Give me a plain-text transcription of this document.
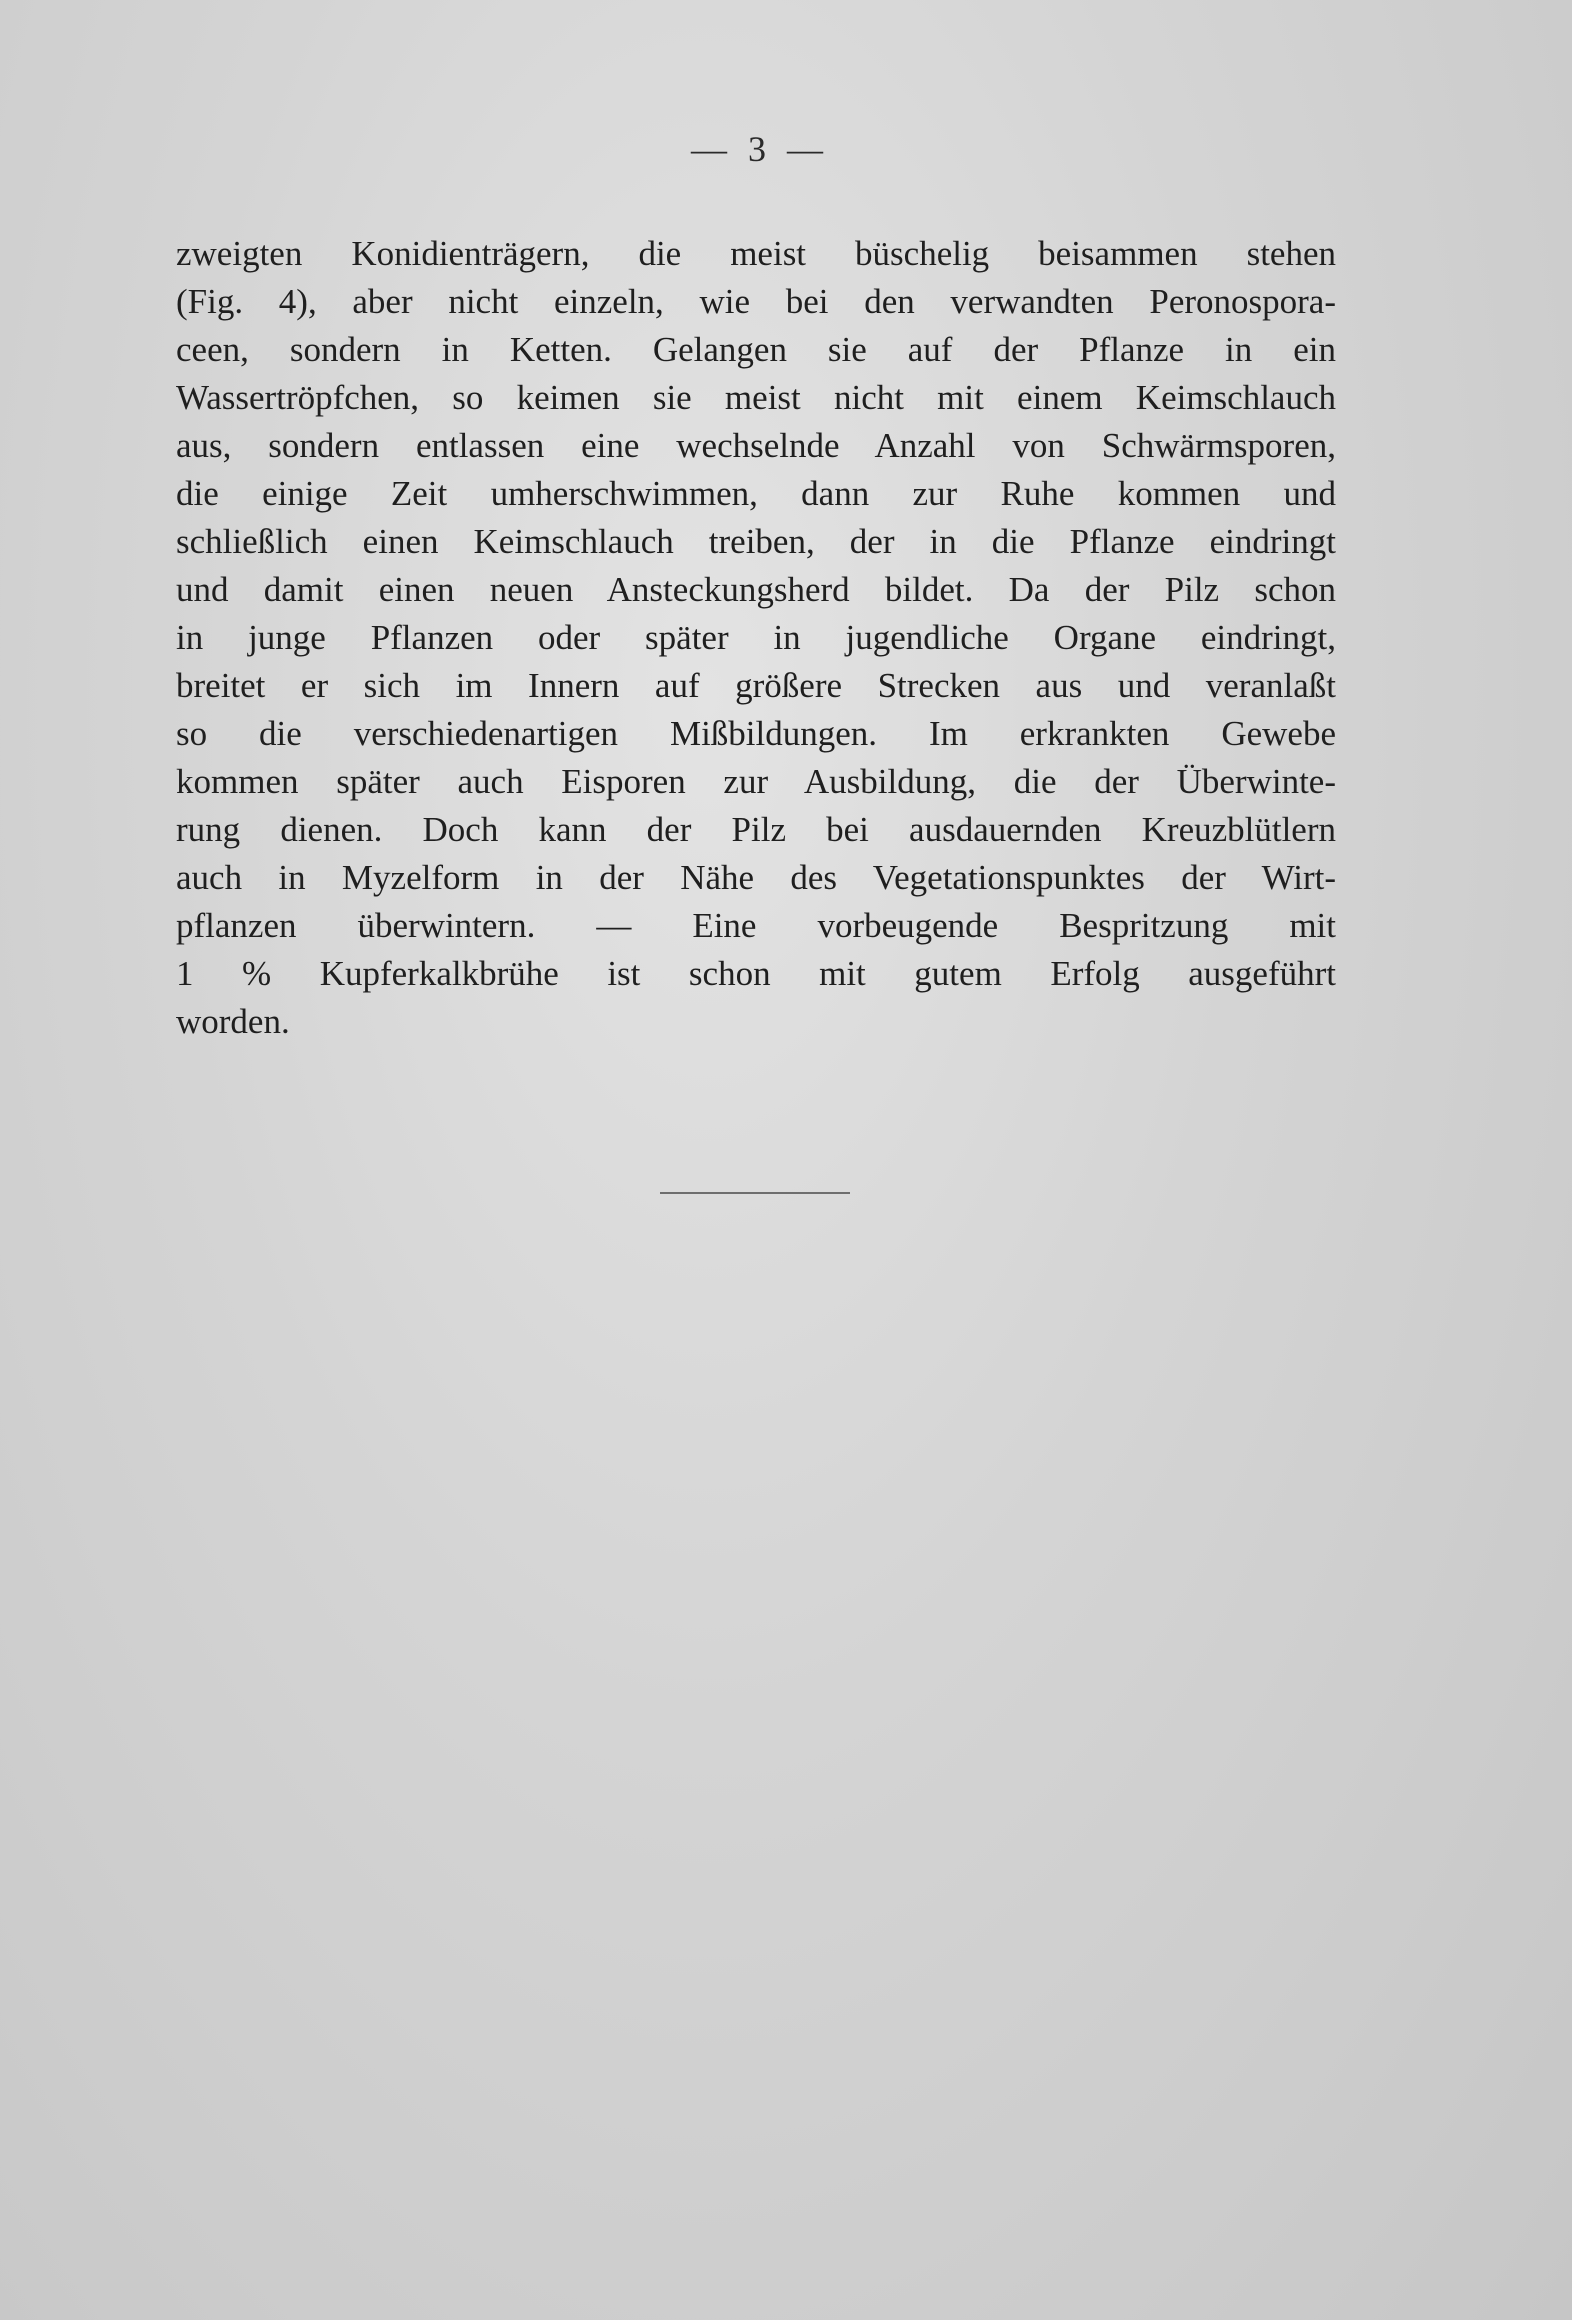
— 3 —
zweigten Konidienträgern, die meist büschelig beisammen stehen
(Fig. 4), aber nicht einzeln, wie bei den verwandten Peronospora-
ceen, sondern in Ketten. Gelangen sie auf der Pflanze in ein
Wassertröpfchen, so keimen sie meist nicht mit einem Keimschlauch
aus, sondern entlassen eine wechselnde Anzahl von Schwärmsporen,
die einige Zeit umherschwimmen, dann zur Ruhe kommen und
schließlich einen Keimschlauch treiben, der in die Pflanze eindringt
und damit einen neuen Ansteckungsherd bildet. Da der Pilz schon
in junge Pflanzen oder später in jugendliche Organe eindringt,
breitet er sich im Innern auf größere Strecken aus und veranlaßt
so die verschiedenartigen Mißbildungen. Im erkrankten Gewebe
kommen später auch Eisporen zur Ausbildung, die der Überwinte-
rung dienen. Doch kann der Pilz bei ausdauernden Kreuzblütlern
auch in Myzelform in der Nähe des Vegetationspunktes der Wirt-
pflanzen überwintern. — Eine vorbeugende Bespritzung mit
1 % Kupferkalkbrühe ist schon mit gutem Erfolg ausgeführt
worden.
